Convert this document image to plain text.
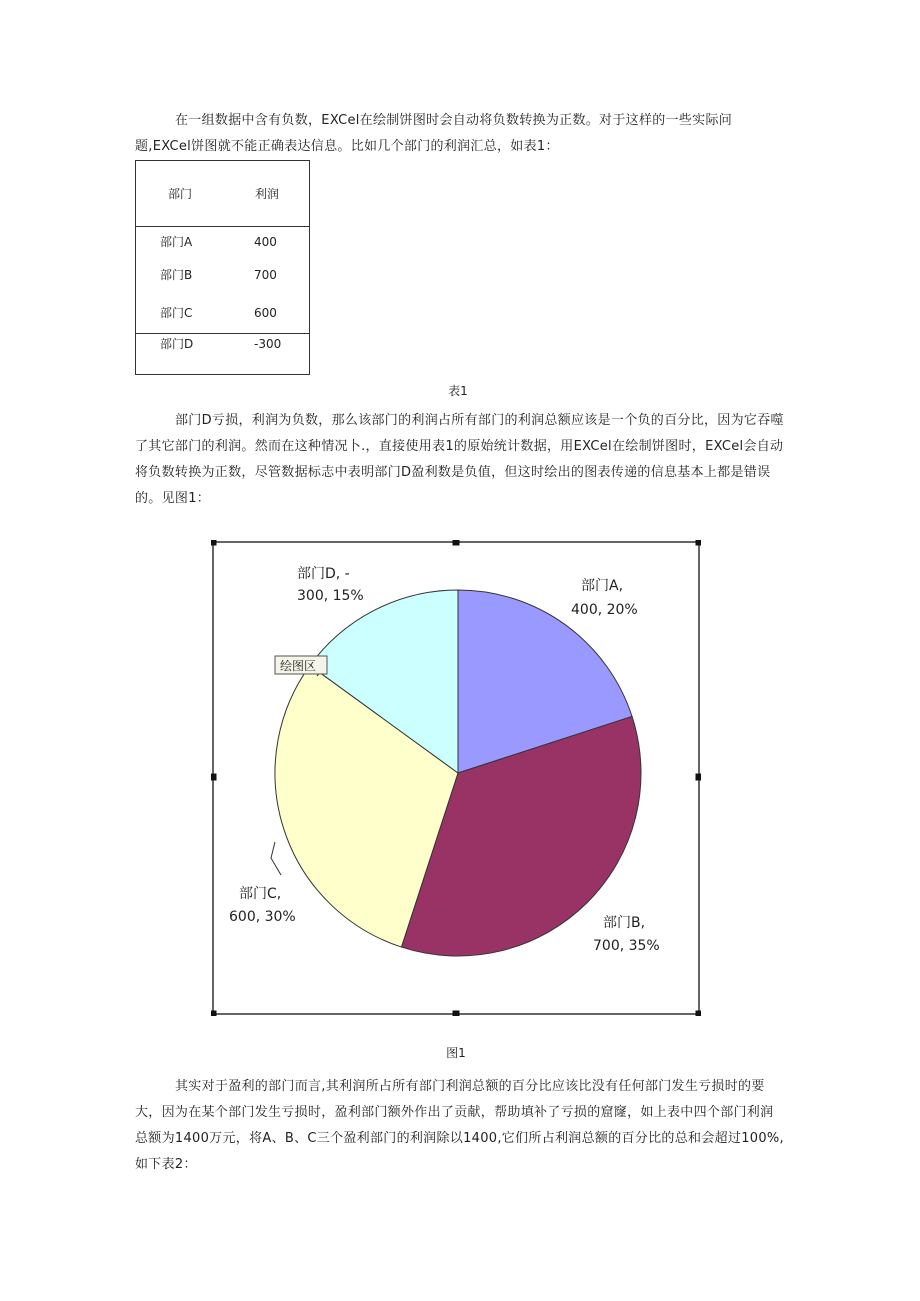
在一组数据中含有负数，EXCel在绘制饼图时会自动将负数转换为正数。对于这样的一些实际问题,EXCel饼图就不能正确表达信息。比如几个部门的利润汇总，如表1：

部门	利润
部门A	400
部门B	700
部门C	600
部门D	-300
表1

部门D亏损，利润为负数，那么该部门的利润占所有部门的利润总额应该是一个负的百分比，因为它吞噬了其它部门的利润。然而在这种情况卜.，直接使用表1的原始统计数据，用EXCel在绘制饼图时，EXCel会自动将负数转换为正数，尽管数据标志中表明部门D盈利数是负值，但这时绘出的图表传递的信息基本上都是错误的。见图1：

部门A,
400, 20%
部门B,
700, 35%
部门C,
600, 30%
部门D, -
300, 15%
绘图区
图1

其实对于盈利的部门而言,其利润所占所有部门利润总额的百分比应该比没有任何部门发生亏损时的要大，因为在某个部门发生亏损时，盈利部门额外作出了贡献，帮助填补了亏损的窟窿，如上表中四个部门利润总额为1400万元，将A、B、C三个盈利部门的利润除以1400,它们所占利润总额的百分比的总和会超过100%,如下表2：
